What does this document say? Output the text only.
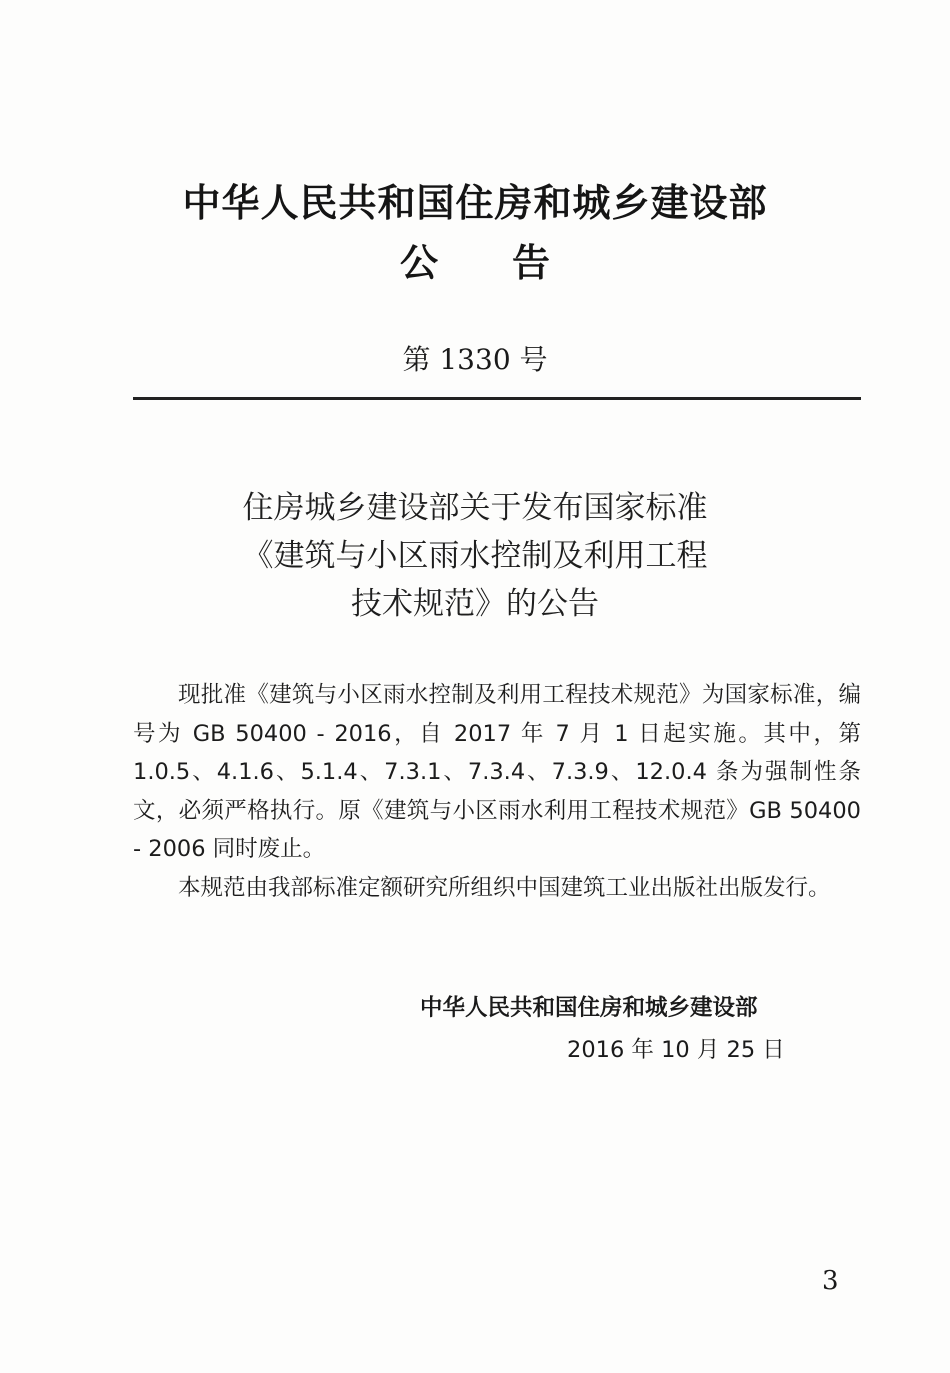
中华人民共和国住房和城乡建设部
公 告
第 1330 号
住房城乡建设部关于发布国家标准
《建筑与小区雨水控制及利用工程
技术规范》的公告

现批准《建筑与小区雨水控制及利用工程技术规范》为国家标准，编号为 GB 50400 - 2016，自 2017 年 7 月 1 日起实施。其中，第 1.0.5、4.1.6、5.1.4、7.3.1、7.3.4、7.3.9、12.0.4 条为强制性条文，必须严格执行。原《建筑与小区雨水利用工程技术规范》GB 50400 - 2006 同时废止。

本规范由我部标准定额研究所组织中国建筑工业出版社出版发行。

中华人民共和国住房和城乡建设部
2016 年 10 月 25 日
3
